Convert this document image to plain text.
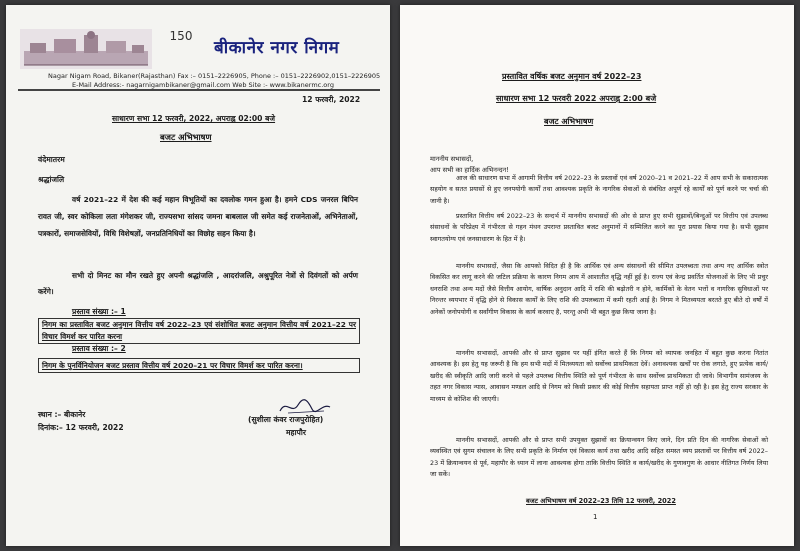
150
बीकानेर नगर निगम
Nagar Nigam Road, Bikaner(Rajasthan) Fax :– 0151–2226905, Phone :– 0151–2226902,0151–2226905
E-Mail Address:- nagarnigambikaner@gmail.com Web Site :- www.bikanermc.org
12 फरवरी, 2022
साधारण सभा 12 फरवरी, 2022, अपराह्न 02:00 बजे
बजट अभिभाषण
वंदेमातरम
श्रद्धांजलि
वर्ष 2021–22 में देश की कई महान विभूतियों का दवलोक गमन हुआ है। हमने CDS जनरल बिपिन रावत जी, स्वर कोकिला लता मंगेशकर जी, राज्यसभा सांसद जमना बाबलाल जी समेत कई राजनेताओं, अभिनेताओं, पत्रकारों, समाजसेवियों, विधि विशेषज्ञों, जनप्रतिनिधियों का विछोह सहन किया है।
सभी दो मिनट का मौन रखते हुए अपनी श्रद्धांजलि , आदरांजलि, अश्रुपूरित नेत्रों से दिवंगतों को अर्पण करेंगे।
प्रस्ताव संख्या :– 1
निगम का प्रस्तावित बजट अनुमान वित्तीय वर्ष 2022–23 एवं संशोधित बजट अनुमान वित्तीय वर्ष 2021–22 पर विचार विमर्श कर पारित करना
प्रस्ताव संख्या :– 2
निगम के पुनर्विनियोजन बजट प्रस्ताव वित्तीय वर्ष 2020–21 पर विचार विमर्श कर पारित करना।
स्थान :– बीकानेर
दिनांक:– 12 फरवरी, 2022
(सुशीला कंवर राजपुरोहित)
महापौर
प्रस्तावित वर्षिक बजट अनुमान वर्ष 2022–23
साधारण सभा 12 फरवरी 2022 अपराह्न 2:00 बजे
बजट अभिभाषण
माननीय सभासदों,
आप सभी का हार्दिक अभिनन्दन!
आज की साधारण सभा में आगामी वित्तीय वर्ष 2022–23 के प्रस्तावों एवं वर्ष 2020–21 व 2021–22 में आप सभी के सकारात्मक सहयोग व सतत प्रयासों से हुए जनपयोगी कार्यों तथा आवश्यक प्रकृति के नागरिक सेवाओं से संबंधित अपूर्ण रहे कार्यों को पूर्ण करने पर चर्चा की जानी है।
प्रस्तावित वित्तीय वर्ष 2022–23 के सन्दर्भ में माननीय सभासदों की ओर से प्राप्त हुए सभी सुझावों/बिन्दुओं पर वित्तीय एवं उपलब्ध संसाधनों के परिप्रेक्ष्य में गंभीरता से गहन मंथन उपरान्त प्रस्तावित बजट अनुमानों में सम्मिलित करने का पूरा प्रयास किया गया है। सभी सुझाव स्वागतयोग्य एवं जनसाधारण के हित में है।
माननीय सभासदों, जैसा कि आपको विदित ही है कि आर्थिक एवं अन्य संसाधनों की सीमित उपलब्धता तथा अन्य नए आर्थिक स्त्रोत विकसित कर लागू करने की जटिल प्रक्रिया के कारण निगम आय में आशातीत वृद्धि नहीं हुई है। राज्य एवं केन्द्र प्रवर्तित योजनाओं के लिए भी प्रचुर धनराशि तथा अन्य मदों जैसे वित्तीय आयोग, वार्षिक अनुदान आदि में राशि की बढ़ोतरी न होने, कार्मिकों के वेतन भत्तों व नागरिक सुविधाओं पर निरन्तर व्ययभार में वृद्धि होने से विकास कार्यों के लिए राशि की उपलब्धता में कमी रहती आई है। निगम ने मितव्ययता बरतते हुए बीते दो वर्षों में अनेकों जनोपयोगी व सर्वांगीण विकास के कार्य करवाए है, परन्तु अभी भी बहुत कुछ किया जाना है।
माननीय सभासदों, आपकी और से प्राप्त सुझाव पर यहीं इंगित करते हैं कि निगम को व्यापक जनहित में बहुत कुछ करना नितांत आवश्यक है। इस हेतु यह जरूरी है कि हम सभी मदों में मितव्ययता को सर्वोच्च प्राथमिकता देवें। अनावश्यक खर्चों पर रोक लगाते, हुए प्रत्येक कार्य/खरीद की स्वीकृति आदि जारी करने से पहले उपलब्ध वित्तीय स्थिति को पूर्ण गंभीरता के साथ सर्वोच्च प्राथमिकता दी जावे। विभागीय सामंजस्य के तहत नगर विकास न्यास, आवासन मण्डल आदि से निगम को किसी प्रकार की कोई वित्तीय सहायता प्राप्त नहीं हो रही है। इस हेतु राज्य सरकार के माध्यम से कोशिश की जाएगी।
माननीय सभासदों, आपकी और से प्राप्त सभी उपयुक्त सुझावों का क्रियान्वयन किए जाने, दिन प्रति दिन की नागरिक सेवाओं को व्यवस्थित एवं सुगम संचालन के लिए सभी प्रकृति के निर्माण एवं विकास कार्य तथा खरीद आदि सहित समस्त व्यय प्रस्तावों पर वित्तीय वर्ष 2022–23 में क्रियान्वयन से पूर्व, महापौर के ध्यान में लाना आवश्यक होगा ताकि वित्तीय स्थिति व कार्य/खरीद के गुणावगुण के आधार नीतिगत निर्णय लिया जा सकें।
बजट अभिभाषण वर्ष 2022–23 तिथि 12 फरवरी, 2022
1
